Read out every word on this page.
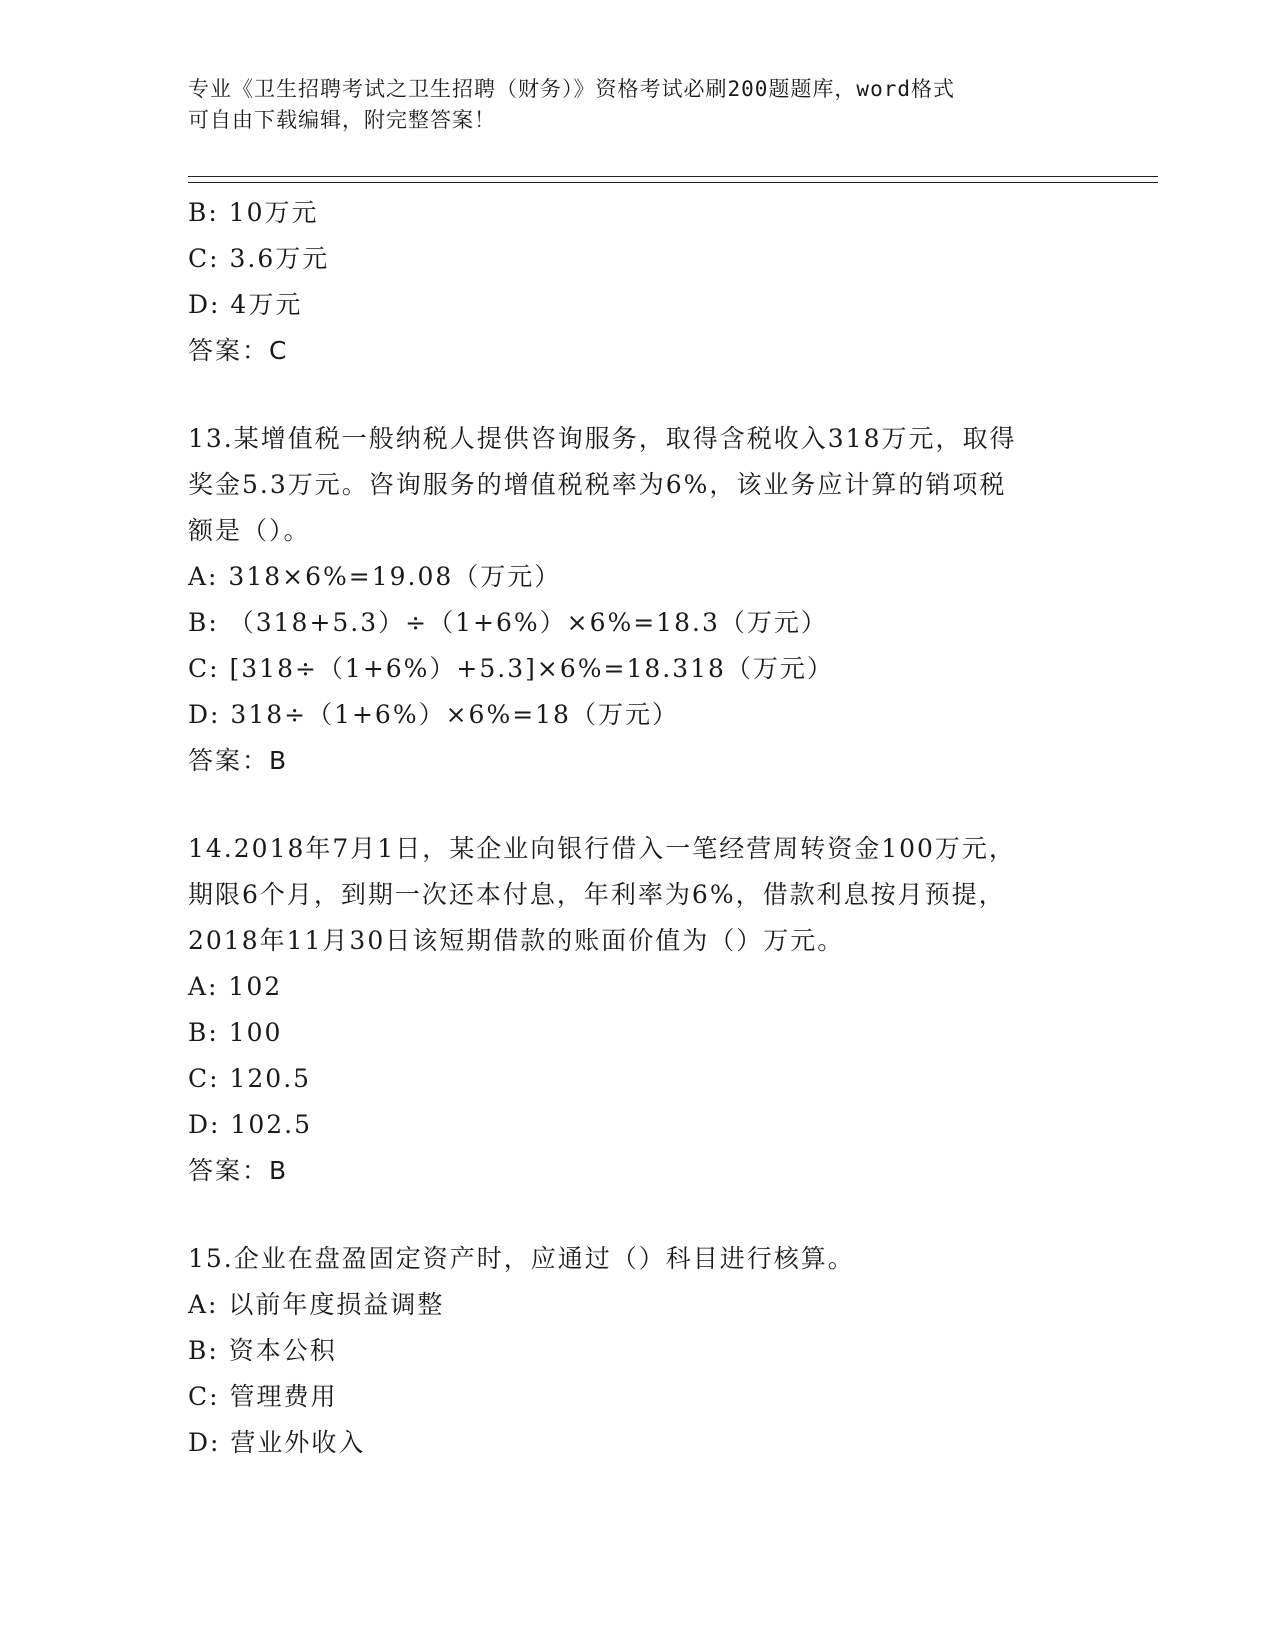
专业《卫生招聘考试之卫生招聘（财务）》资格考试必刷200题题库，word格式
可自由下载编辑，附完整答案！
B: 10万元
C: 3.6万元
D: 4万元
答案：C
13.某增值税一般纳税人提供咨询服务，取得含税收入318万元，取得
奖金5.3万元。咨询服务的增值税税率为6%，该业务应计算的销项税
额是（）。
A: 318×6%=19.08（万元）
B: （318+5.3）÷（1+6%）×6%=18.3（万元）
C: [318÷（1+6%）+5.3]×6%=18.318（万元）
D: 318÷（1+6%）×6%=18（万元）
答案：B
14.2018年7月1日，某企业向银行借入一笔经营周转资金100万元，
期限6个月，到期一次还本付息，年利率为6%，借款利息按月预提，
2018年11月30日该短期借款的账面价值为（）万元。
A: 102
B: 100
C: 120.5
D: 102.5
答案：B
15.企业在盘盈固定资产时，应通过（）科目进行核算。
A: 以前年度损益调整
B: 资本公积
C: 管理费用
D: 营业外收入
